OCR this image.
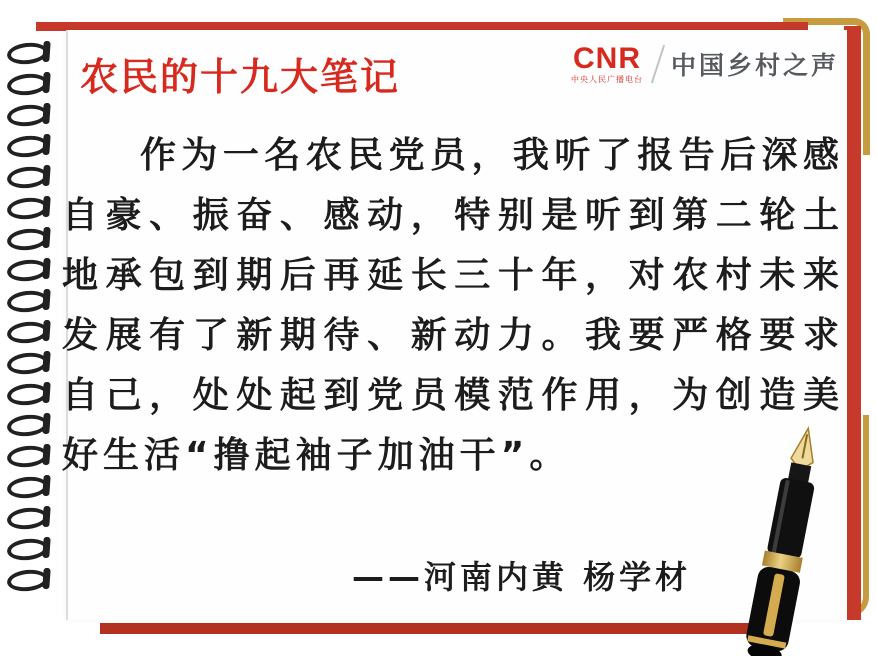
农民的十九大笔记	CNR
中央人民广播电台 中国乡村之声

作为一名农民党员，我听了报告后深感

自豪、振奋、感动，特别是听到第二轮土

地承包到期后再延长三十年，对农村未来

发展有了新期待、新动力。我要严格要求

自己，处处起到党员模范作用，为创造美

好生活“撸起袖子加油干”。

——河南内黄 杨学材
